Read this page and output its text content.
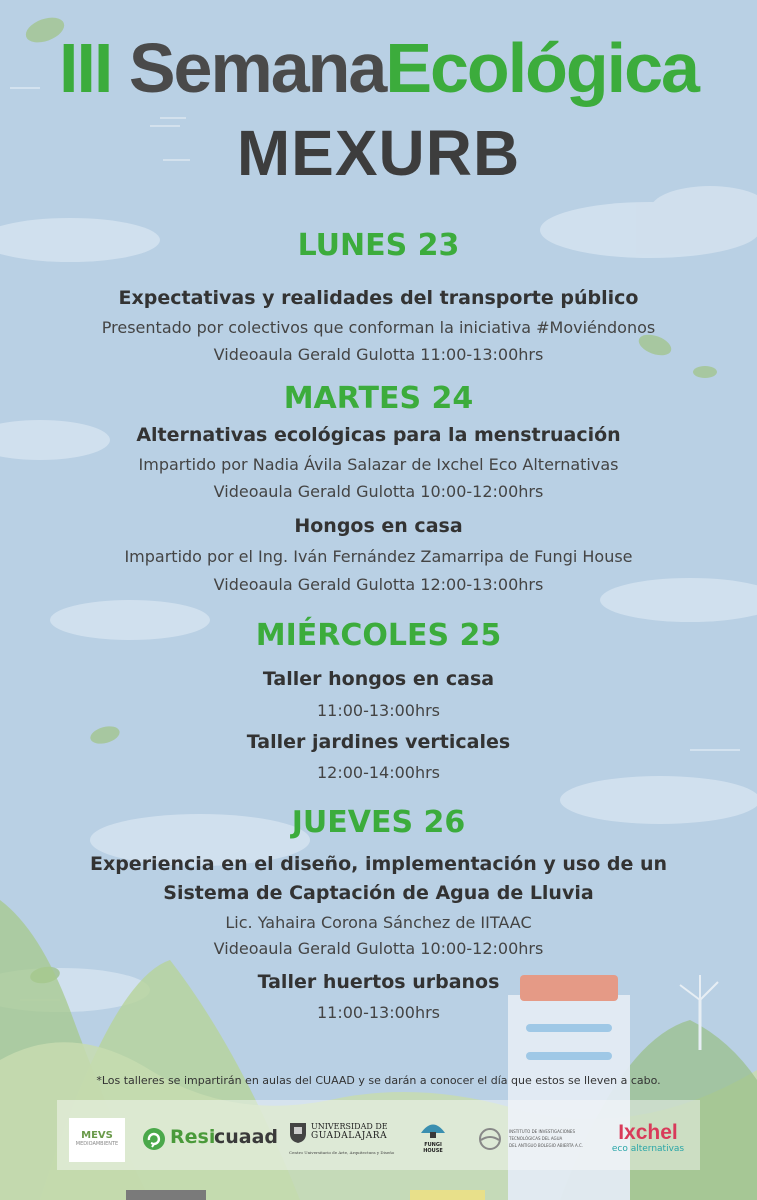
III SemanaEcológica
MEXURB
LUNES 23
Expectativas y realidades del transporte público
Presentado por colectivos que conforman la iniciativa #Moviéndonos
Videoaula Gerald Gulotta 11:00-13:00hrs
MARTES 24
Alternativas ecológicas para la menstruación
Impartido por Nadia Ávila Salazar de Ixchel Eco Alternativas
Videoaula Gerald Gulotta 10:00-12:00hrs
Hongos en casa
Impartido por el Ing. Iván Fernández Zamarripa de Fungi House
Videoaula Gerald Gulotta 12:00-13:00hrs
MIÉRCOLES 25
Taller hongos en casa
11:00-13:00hrs
Taller jardines verticales
12:00-14:00hrs
JUEVES 26
Experiencia en el diseño, implementación y uso de un
Sistema de Captación de Agua de Lluvia
Lic. Yahaira Corona Sánchez de IITAAC
Videoaula Gerald Gulotta 10:00-12:00hrs
Taller huertos urbanos
11:00-13:00hrs
*Los talleres se impartirán en aulas del CUAAD y se darán a conocer el día que estos se lleven a cabo.
MEVS
MEDIOAMBIENTE	Resi
cuaad	UNIVERSIDAD DE
GUADALAJARA
Centro Universitario de Arte, Arquitectura y Diseño
FUNGI
HOUSE
INSTITUTO DE INVESTIGACIONES
TECNOLÓGICAS DEL AGUA
DEL ANTIGUO BOLEGIO ABIERTA A.C.
Ixchel
eco alternativas
